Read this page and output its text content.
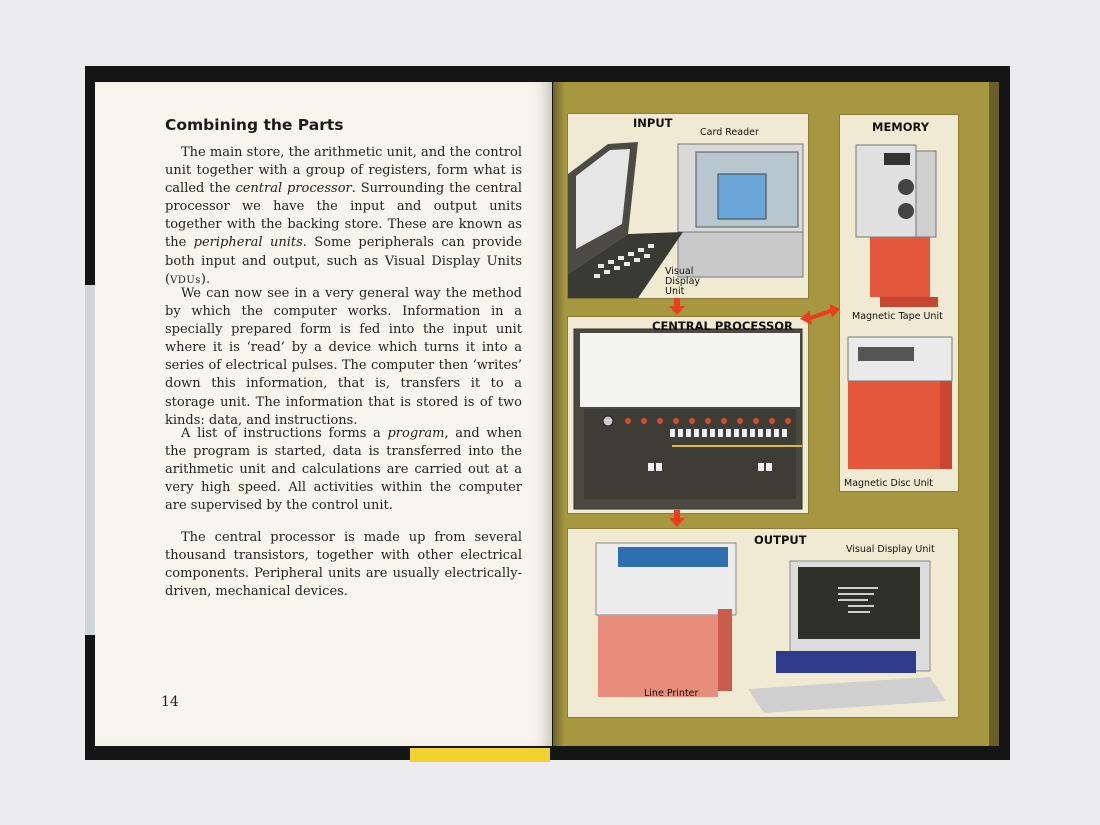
Combining the Parts

The main store, the arithmetic unit, and the control unit together with a group of registers, form what is called the central processor. Surrounding the central processor we have the input and output units together with the backing store. These are known as the peripheral units. Some peripherals can provide both input and output, such as Visual Display Units (VDUs).

We can now see in a very general way the method by which the computer works. Information in a specially prepared form is fed into the input unit where it is ‘read’ by a device which turns it into a series of electrical pulses. The computer then ‘writes’ down this information, that is, transfers it to a storage unit. The information that is stored is of two kinds: data, and instructions.

A list of instructions forms a program, and when the program is started, data is transferred into the arithmetic unit and calculations are carried out at a very high speed. All activities within the computer are supervised by the control unit.

The central processor is made up from several thousand transistors, together with other electrical components. Peripheral units are usually electrically-driven, mechanical devices.

14
INPUT
Card Reader
Visual Display Unit
MEMORY
Magnetic Tape Unit
Magnetic Disc Unit
CENTRAL PROCESSOR
OUTPUT
Visual Display Unit
Line Printer
